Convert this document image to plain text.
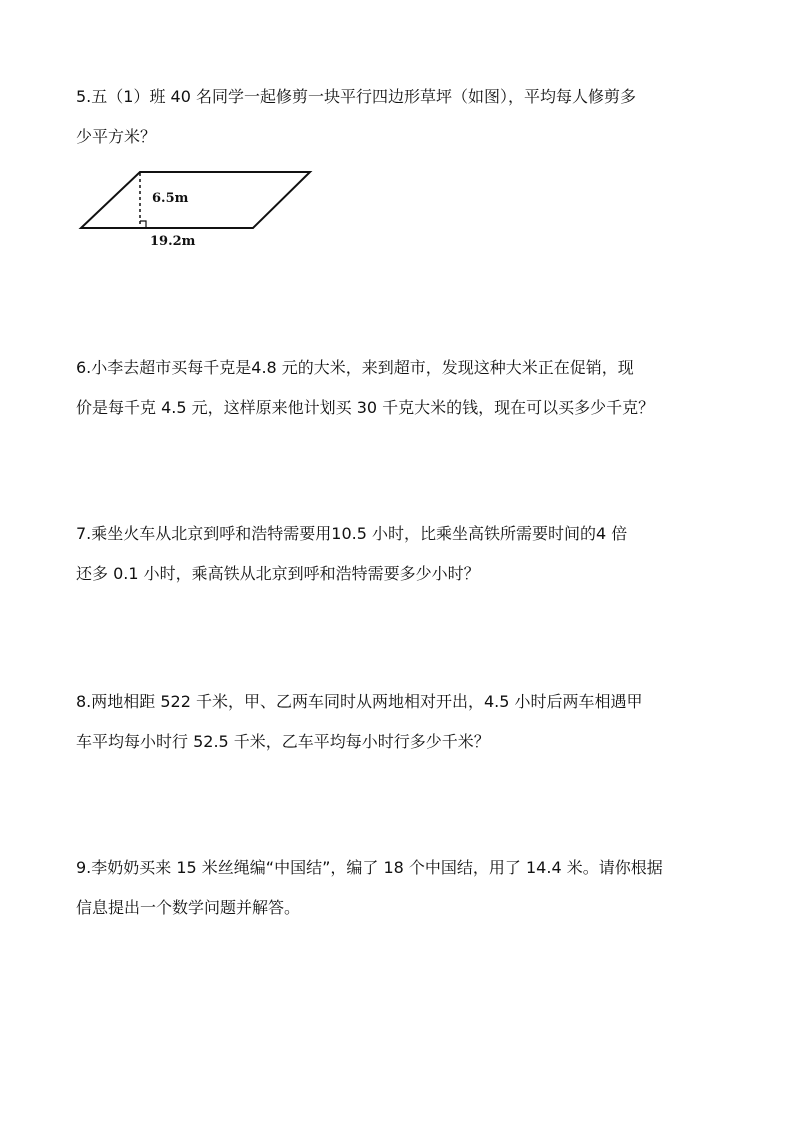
5.五（1）班 40 名同学一起修剪一块平行四边形草坪（如图），平均每人修剪多
少平方米？
6.5m
19.2m
6.小李去超市买每千克是4.8 元的大米，来到超市，发现这种大米正在促销，现
价是每千克 4.5 元，这样原来他计划买 30 千克大米的钱，现在可以买多少千克？
7.乘坐火车从北京到呼和浩特需要用10.5 小时，比乘坐高铁所需要时间的4 倍
还多 0.1 小时，乘高铁从北京到呼和浩特需要多少小时？
8.两地相距 522 千米，甲、乙两车同时从两地相对开出，4.5 小时后两车相遇甲
车平均每小时行 52.5 千米，乙车平均每小时行多少千米？
9.李奶奶买来 15 米丝绳编“中国结”，编了 18 个中国结，用了 14.4 米。请你根据
信息提出一个数学问题并解答。
